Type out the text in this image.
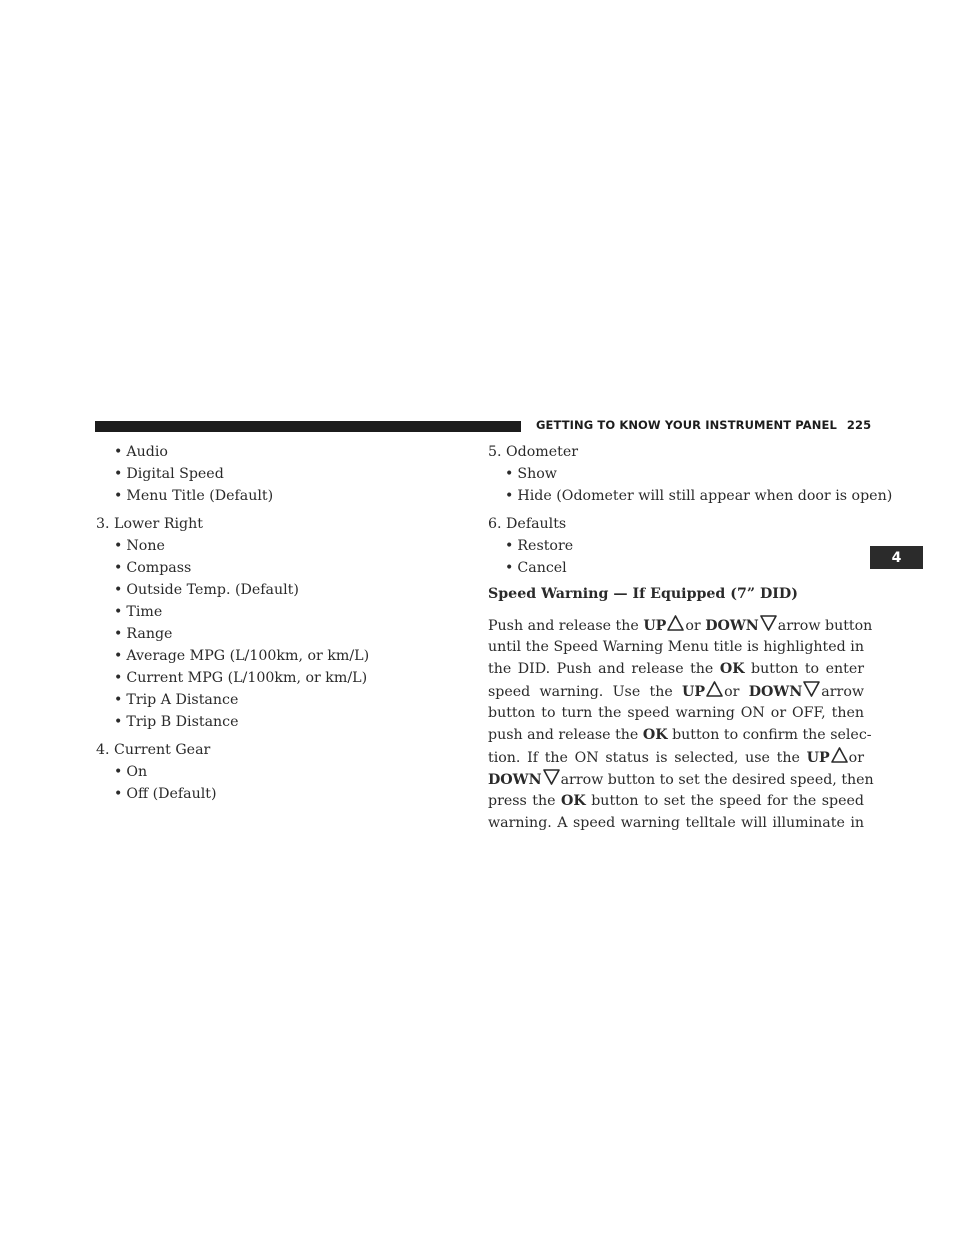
GETTING TO KNOW YOUR INSTRUMENT PANEL 225
4
• Audio
• Digital Speed
• Menu Title (Default)
3. Lower Right
• None
• Compass
• Outside Temp. (Default)
• Time
• Range
• Average MPG (L/100km, or km/L)
• Current MPG (L/100km, or km/L)
• Trip A Distance
• Trip B Distance
4. Current Gear
• On
• Off (Default)
5. Odometer
• Show
• Hide (Odometer will still appear when door is open)
6. Defaults
• Restore
• Cancel
Speed Warning — If Equipped (7” DID)
Push and release the UP or DOWN arrow button
until the Speed Warning Menu title is highlighted in
the DID. Push and release the OK button to enter
speed warning. Use the UP or DOWN arrow
button to turn the speed warning ON or OFF, then
push and release the OK button to confirm the selec-
tion. If the ON status is selected, use the UP or
DOWN arrow button to set the desired speed, then
press the OK button to set the speed for the speed
warning. A speed warning telltale will illuminate in
